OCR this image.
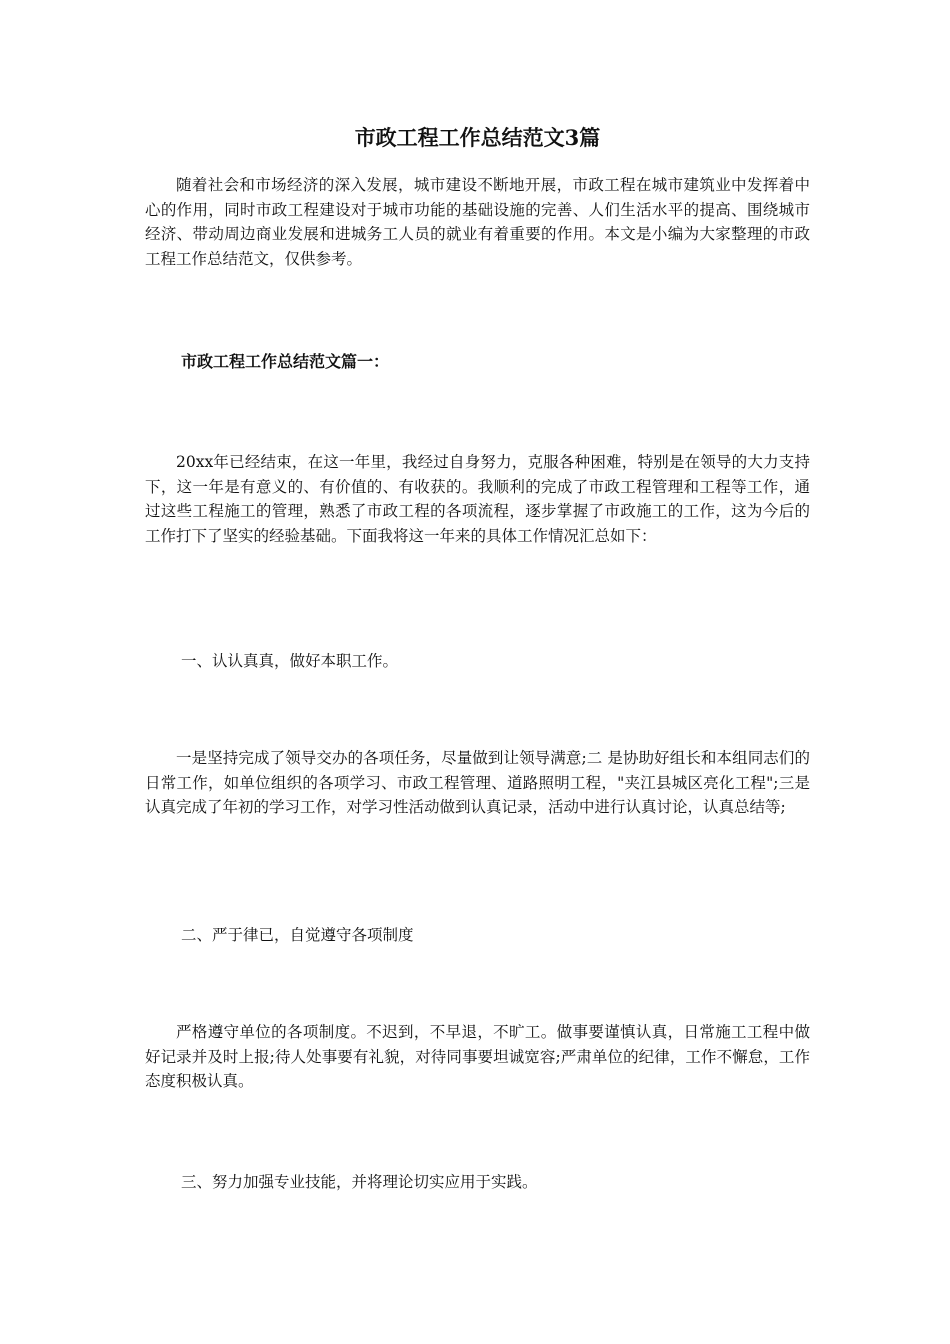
市政工程工作总结范文3篇

随着社会和市场经济的深入发展，城市建设不断地开展，市政工程在城市建筑业中发挥着中心的作用，同时市政工程建设对于城市功能的基础设施的完善、人们生活水平的提高、围绕城市经济、带动周边商业发展和进城务工人员的就业有着重要的作用。本文是小编为大家整理的市政工程工作总结范文，仅供参考。

市政工程工作总结范文篇一：

20xx年已经结束，在这一年里，我经过自身努力，克服各种困难，特别是在领导的大力支持下，这一年是有意义的、有价值的、有收获的。我顺利的完成了市政工程管理和工程等工作，通过这些工程施工的管理，熟悉了市政工程的各项流程，逐步掌握了市政施工的工作，这为今后的工作打下了坚实的经验基础。下面我将这一年来的具体工作情况汇总如下：

一、认认真真，做好本职工作。

一是坚持完成了领导交办的各项任务，尽量做到让领导满意;二 是协助好组长和本组同志们的日常工作，如单位组织的各项学习、市政工程管理、道路照明工程，"夹江县城区亮化工程";三是认真完成了年初的学习工作，对学习性活动做到认真记录，活动中进行认真讨论，认真总结等;

二、严于律已，自觉遵守各项制度

严格遵守单位的各项制度。不迟到，不早退，不旷工。做事要谨慎认真，日常施工工程中做好记录并及时上报;待人处事要有礼貌，对待同事要坦诚宽容;严肃单位的纪律，工作不懈怠，工作态度积极认真。

三、努力加强专业技能，并将理论切实应用于实践。
